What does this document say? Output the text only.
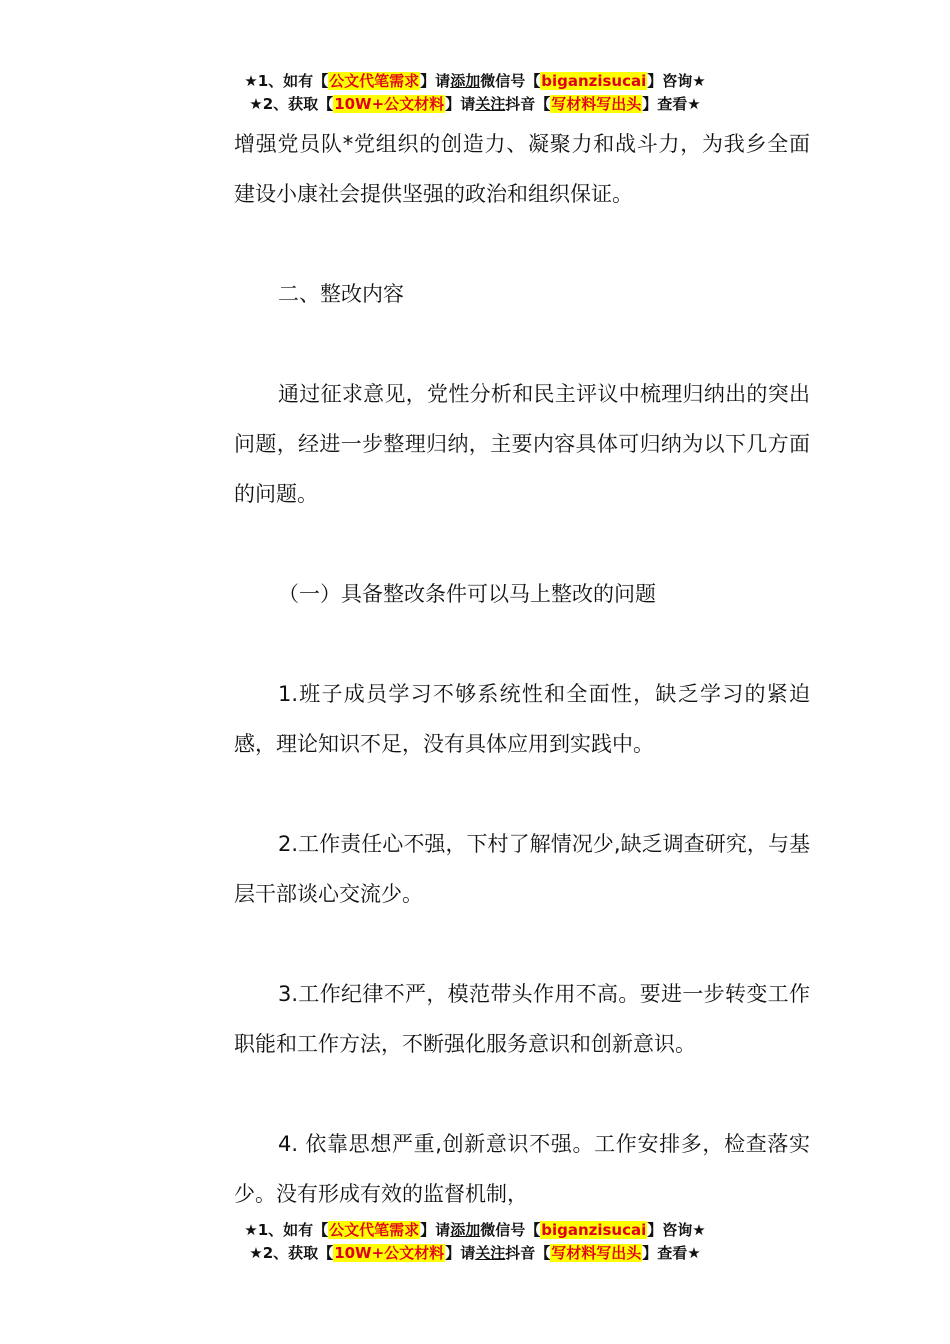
★1、如有【公文代笔需求】请添加微信号【biganzisucai】咨询★
★2、获取【10W+公文材料】请关注抖音【写材料写出头】查看★

增强党员队*党组织的创造力、凝聚力和战斗力，为我乡全面建设小康社会提供坚强的政治和组织保证。

二、整改内容

通过征求意见，党性分析和民主评议中梳理归纳出的突出问题，经进一步整理归纳，主要内容具体可归纳为以下几方面的问题。

（一）具备整改条件可以马上整改的问题

1.班子成员学习不够系统性和全面性，缺乏学习的紧迫感，理论知识不足，没有具体应用到实践中。

2.工作责任心不强，下村了解情况少,缺乏调查研究，与基层干部谈心交流少。

3.工作纪律不严，模范带头作用不高。要进一步转变工作职能和工作方法，不断强化服务意识和创新意识。

4. 依靠思想严重,创新意识不强。工作安排多，检查落实少。没有形成有效的监督机制，

★1、如有【公文代笔需求】请添加微信号【biganzisucai】咨询★
★2、获取【10W+公文材料】请关注抖音【写材料写出头】查看★
